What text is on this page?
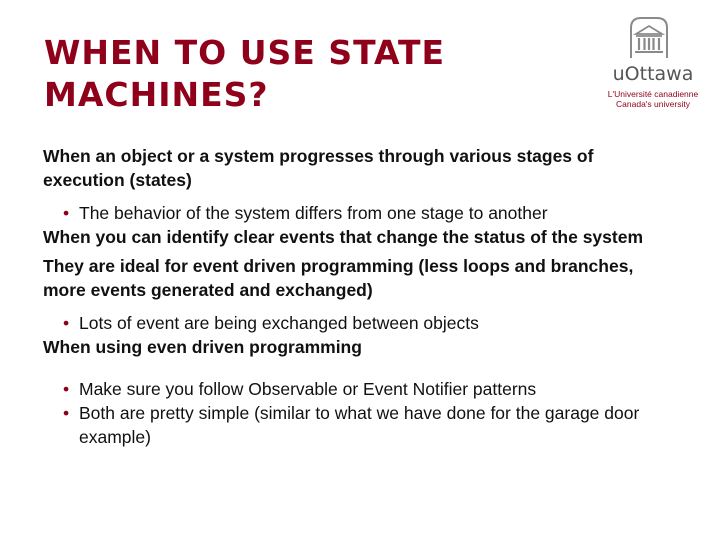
WHEN TO USE STATE MACHINES?
uOttawa
L'Université canadienne
Canada's university

When an object or a system progresses through various stages of execution (states)

• The behavior of the system differs from one stage to another

When you can identify clear events that change the status of the system

They are ideal for event driven programming (less loops and branches, more events generated and exchanged)

• Lots of event are being exchanged between objects

When using even driven programming

• Make sure you follow Observable or Event Notifier patterns

• Both are pretty simple (similar to what we have done for the garage door example)
